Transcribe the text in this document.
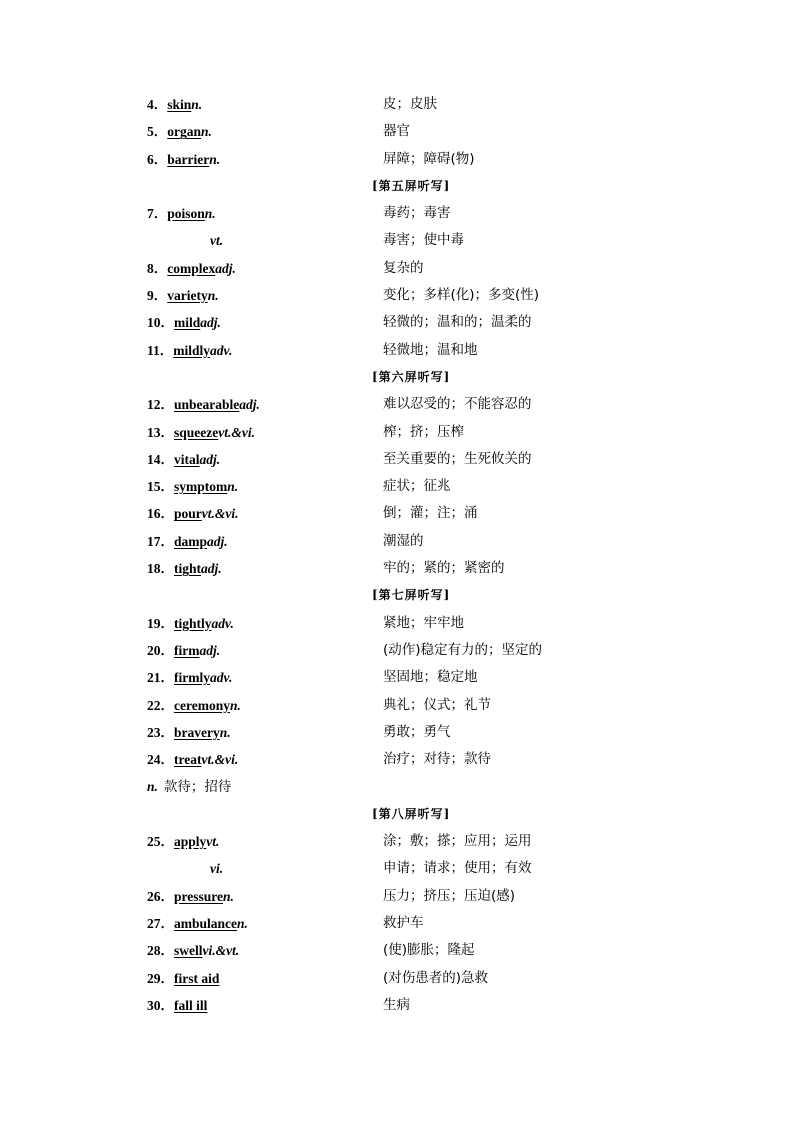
4．skinn.	皮；皮肤
5．organn.	器官
6．barriern.	屏障；障碍(物)
[第五屏听写]
7．poisonn.	毒药；毒害
vt.	毒害；使中毒
8．complexadj.	复杂的
9．varietyn.	变化；多样(化)；多变(性)
10．mildadj.	轻微的；温和的；温柔的
11．mildlyadv.	轻微地；温和地
[第六屏听写]
12．unbearableadj.	难以忍受的；不能容忍的
13．squeezevt.&vi.	榨；挤；压榨
14．vitaladj.	至关重要的；生死攸关的
15．symptomn.	症状；征兆
16．pourvt.&vi.	倒；灌；注；涌
17．dampadj.	潮湿的
18．tightadj.	牢的；紧的；紧密的
[第七屏听写]
19．tightlyadv.	紧地；牢牢地
20．firmadj.	(动作)稳定有力的；坚定的
21．firmlyadv.	坚固地；稳定地
22．ceremonyn.	典礼；仪式；礼节
23．braveryn.	勇敢；勇气
24．treatvt.&vi.	治疗；对待；款待
n. 款待；招待
[第八屏听写]
25．applyvt.	涂；敷；搽；应用；运用
vi.	申请；请求；使用；有效
26．pressuren.	压力；挤压；压迫(感)
27．ambulancen.	救护车
28．swellvi.&vt.	(使)膨胀；隆起
29．first aid	(对伤患者的)急救
30．fall ill	生病
